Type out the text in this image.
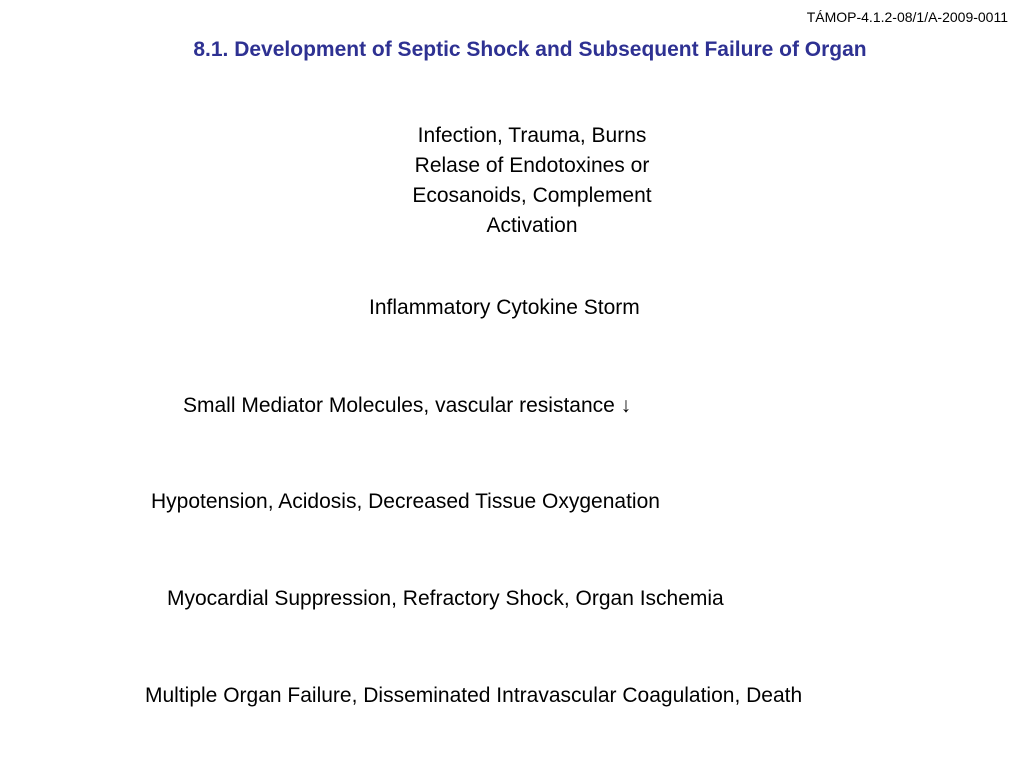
TÁMOP-4.1.2-08/1/A-2009-0011
8.1. Development of Septic Shock and Subsequent Failure of Organ
Infection, Trauma, Burns
Relase of Endotoxines or
Ecosanoids, Complement
Activation
Inflammatory Cytokine Storm
Small Mediator Molecules, vascular resistance ↓
Hypotension, Acidosis, Decreased Tissue Oxygenation
Myocardial Suppression, Refractory Shock, Organ Ischemia
Multiple Organ Failure, Disseminated Intravascular Coagulation, Death
